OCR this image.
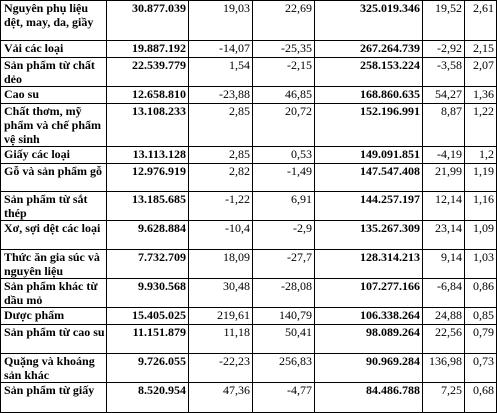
Nguyên phụ liệu dệt, may, da, giầy	30.877.039	19,03	22,69	325.019.346	19,52	2,61
Vải các loại	19.887.192	-14,07	-25,35	267.264.739	-2,92	2,15
Sản phẩm từ chất dẻo	22.539.779	1,54	-2,15	258.153.224	-3,58	2,07
Cao su	12.658.810	-23,88	46,85	168.860.635	54,27	1,36
Chất thơm, mỹ phẩm và chế phẩm vệ sinh	13.108.233	2,85	20,72	152.196.991	8,87	1,22
Giấy các loại	13.113.128	2,85	0,53	149.091.851	-4,19	1,2
Gỗ và sản phẩm gỗ	12.976.919	2,82	-1,49	147.547.408	21,99	1,19
Sản phẩm từ sắt thép	13.185.685	-1,22	6,91	144.257.197	12,14	1,16
Xơ, sợi dệt các loại	9.628.884	-10,4	-2,9	135.267.309	23,14	1,09
Thức ăn gia súc và nguyên liệu	7.732.709	18,09	-27,7	128.314.213	9,14	1,03
Sản phẩm khác từ dầu mỏ	9.930.568	30,48	-28,08	107.277.166	-6,84	0,86
Dược phẩm	15.405.025	219,61	140,79	106.338.264	24,88	0,85
Sản phẩm từ cao su	11.151.879	11,18	50,41	98.089.264	22,56	0,79
Quặng và khoáng sản khác	9.726.055	-22,23	256,83	90.969.284	136,98	0,73
Sản phẩm từ giấy	8.520.954	47,36	-4,77	84.486.788	7,25	0,68
